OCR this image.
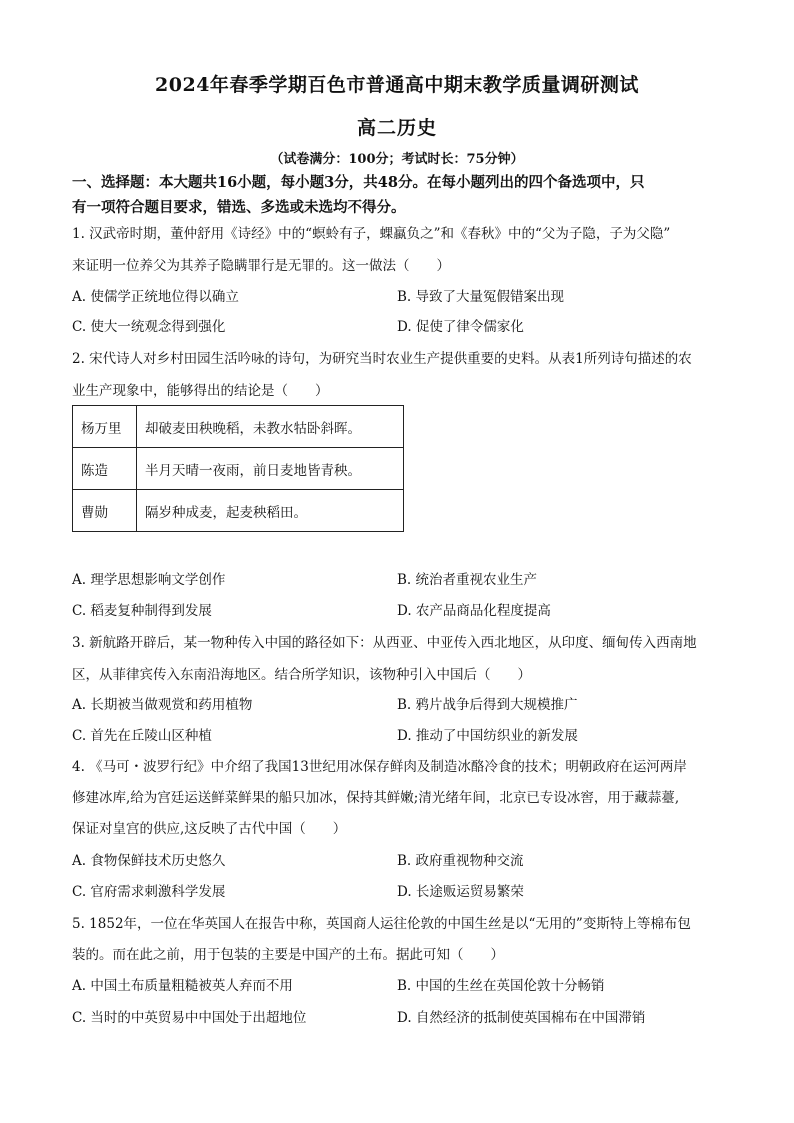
2024年春季学期百色市普通高中期末教学质量调研测试
高二历史
（试卷满分：100分；考试时长：75分钟）
一、选择题：本大题共16小题，每小题3分，共48分。在每小题列出的四个备选项中，只
有一项符合题目要求，错选、多选或未选均不得分。
1. 汉武帝时期，董仲舒用《诗经》中的“螟蛉有子，蜾蠃负之”和《春秋》中的“父为子隐，子为父隐”
来证明一位养父为其养子隐瞒罪行是无罪的。这一做法（　　）
A. 使儒学正统地位得以确立	B. 导致了大量冤假错案出现
C. 使大一统观念得到强化	D. 促使了律令儒家化
2. 宋代诗人对乡村田园生活吟咏的诗句，为研究当时农业生产提供重要的史料。从表1所列诗句描述的农
业生产现象中，能够得出的结论是（　　）
杨万里	却破麦田秧晚稻，未教水牯卧斜晖。
陈造	半月天晴一夜雨，前日麦地皆青秧。
曹勋	隔岁种成麦，起麦秧稻田。
A. 理学思想影响文学创作	B. 统治者重视农业生产
C. 稻麦复种制得到发展	D. 农产品商品化程度提高
3. 新航路开辟后，某一物种传入中国的路径如下：从西亚、中亚传入西北地区，从印度、缅甸传入西南地
区，从菲律宾传入东南沿海地区。结合所学知识，该物种引入中国后（　　）
A. 长期被当做观赏和药用植物	B. 鸦片战争后得到大规模推广
C. 首先在丘陵山区种植	D. 推动了中国纺织业的新发展
4. 《马可・波罗行纪》中介绍了我国13世纪用冰保存鲜肉及制造冰酪冷食的技术；明朝政府在运河两岸
修建冰库,给为宫廷运送鲜菜鲜果的船只加冰，保持其鲜嫩;清光绪年间，北京已专设冰窖，用于藏蒜薹,
保证对皇宫的供应,这反映了古代中国（　　）
A. 食物保鲜技术历史悠久	B. 政府重视物种交流
C. 官府需求刺激科学发展	D. 长途贩运贸易繁荣
5. 1852年，一位在华英国人在报告中称，英国商人运往伦敦的中国生丝是以“无用的”变斯特上等棉布包
装的。而在此之前，用于包装的主要是中国产的土布。据此可知（　　）
A. 中国土布质量粗糙被英人弃而不用	B. 中国的生丝在英国伦敦十分畅销
C. 当时的中英贸易中中国处于出超地位	D. 自然经济的抵制使英国棉布在中国滞销
